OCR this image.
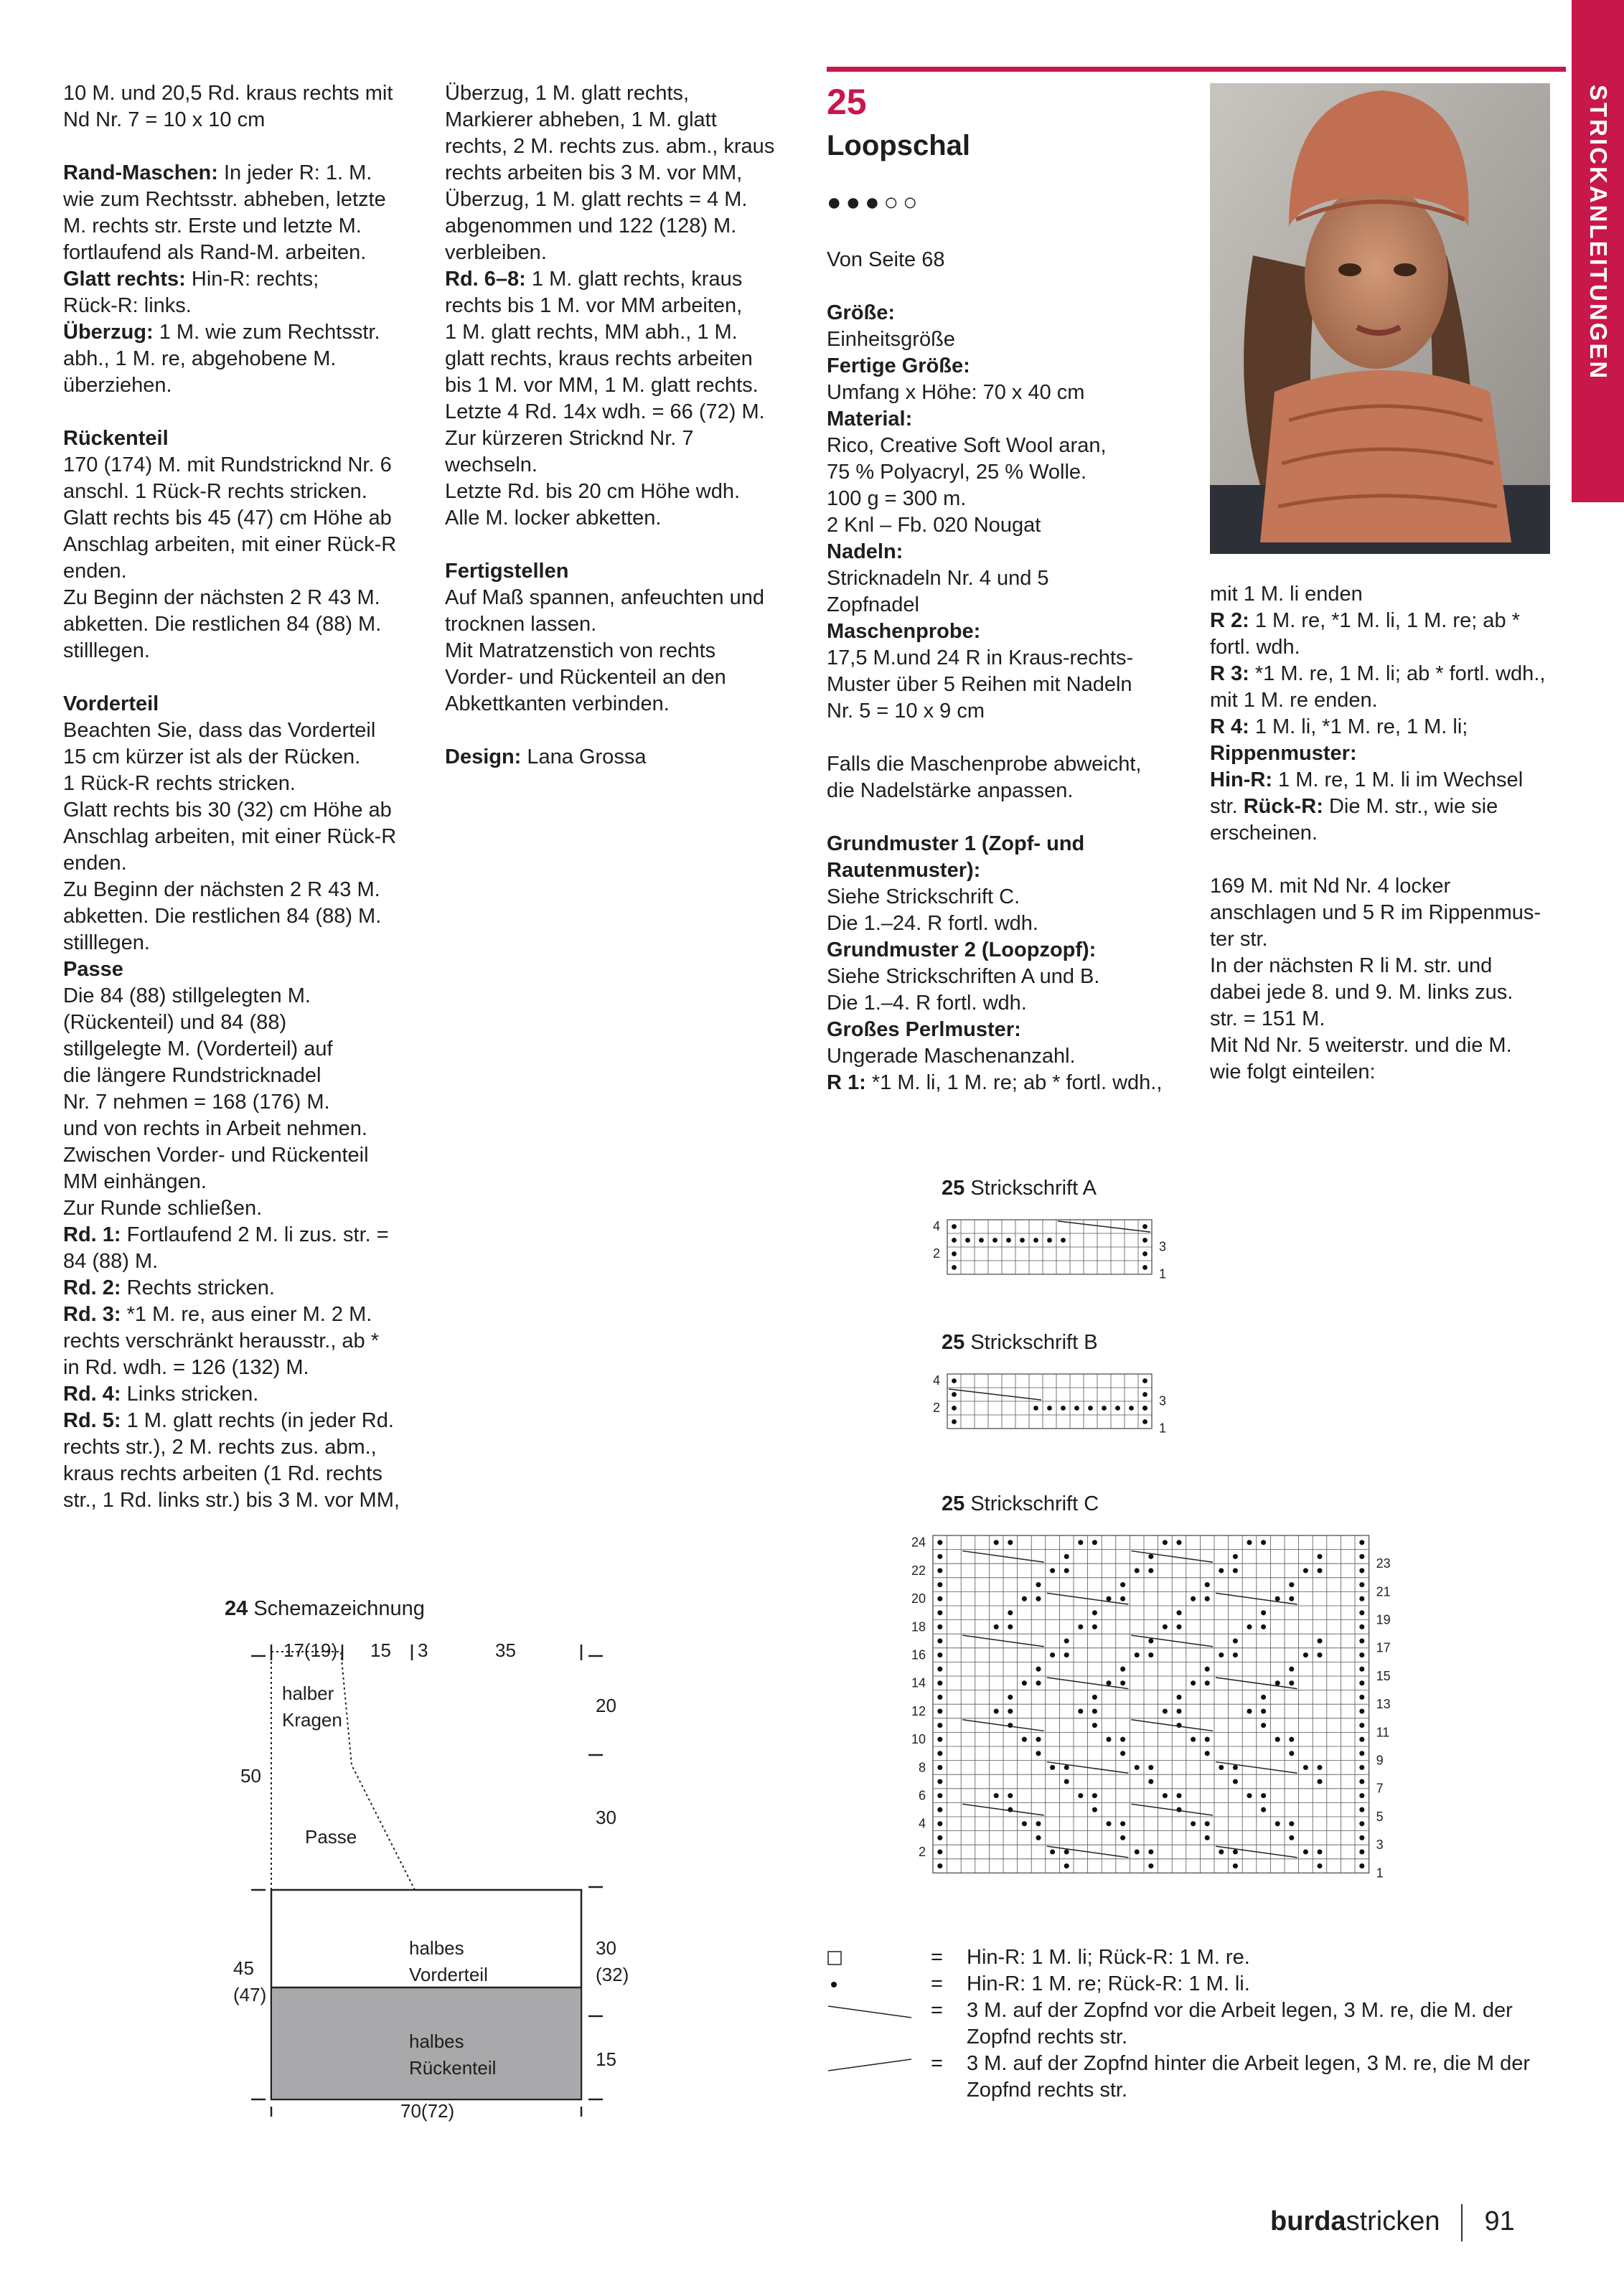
STRICKANLEITUNGEN
10 M. und 20,5 Rd. kraus rechts mit
Nd Nr. 7 = 10 x 10 cm
Rand-Maschen: In jeder R: 1. M.
wie zum Rechtsstr. abheben, letzte
M. rechts str. Erste und letzte M.
fortlaufend als Rand-M. arbeiten.
Glatt rechts: Hin-R: rechts;
Rück-R: links.
Überzug: 1 M. wie zum Rechtsstr.
abh., 1 M. re, abgehobene M.
überziehen.
Rückenteil
170 (174) M. mit Rundstricknd Nr. 6
anschl. 1 Rück-R rechts stricken.
Glatt rechts bis 45 (47) cm Höhe ab
Anschlag arbeiten, mit einer Rück-R
enden.
Zu Beginn der nächsten 2 R 43 M.
abketten. Die restlichen 84 (88) M.
stilllegen.
Vorderteil
Beachten Sie, dass das Vorderteil
15 cm kürzer ist als der Rücken.
1 Rück-R rechts stricken.
Glatt rechts bis 30 (32) cm Höhe ab
Anschlag arbeiten, mit einer Rück-R
enden.
Zu Beginn der nächsten 2 R 43 M.
abketten. Die restlichen 84 (88) M.
stilllegen.
Passe
Die 84 (88) stillgelegten M.
(Rückenteil) und 84 (88)
stillgelegte M. (Vorderteil) auf
die längere Rundstricknadel
Nr. 7 nehmen = 168 (176) M.
und von rechts in Arbeit nehmen.
Zwischen Vorder- und Rückenteil
MM einhängen.
Zur Runde schließen.
Rd. 1: Fortlaufend 2 M. li zus. str. =
84 (88) M.
Rd. 2: Rechts stricken.
Rd. 3: *1 M. re, aus einer M. 2 M.
rechts verschränkt herausstr., ab *
in Rd. wdh. = 126 (132) M.
Rd. 4: Links stricken.
Rd. 5: 1 M. glatt rechts (in jeder Rd.
rechts str.), 2 M. rechts zus. abm.,
kraus rechts arbeiten (1 Rd. rechts
str., 1 Rd. links str.) bis 3 M. vor MM,
Überzug, 1 M. glatt rechts,
Markierer abheben, 1 M. glatt
rechts, 2 M. rechts zus. abm., kraus
rechts arbeiten bis 3 M. vor MM,
Überzug, 1 M. glatt rechts = 4 M.
abgenommen und 122 (128) M.
verbleiben.
Rd. 6–8: 1 M. glatt rechts, kraus
rechts bis 1 M. vor MM arbeiten,
1 M. glatt rechts, MM abh., 1 M.
glatt rechts, kraus rechts arbeiten
bis 1 M. vor MM, 1 M. glatt rechts.
Letzte 4 Rd. 14x wdh. = 66 (72) M.
Zur kürzeren Stricknd Nr. 7
wechseln.
Letzte Rd. bis 20 cm Höhe wdh.
Alle M. locker abketten.
Fertigstellen
Auf Maß spannen, anfeuchten und
trocknen lassen.
Mit Matratzenstich von rechts
Vorder- und Rückenteil an den
Abkettkanten verbinden.
Design: Lana Grossa
25
Loopschal
●●●○○
Von Seite 68
Größe:
Einheitsgröße
Fertige Größe:
Umfang x Höhe: 70 x 40 cm
Material:
Rico, Creative Soft Wool aran,
75 % Polyacryl, 25 % Wolle.
100 g = 300 m.
2 Knl – Fb. 020 Nougat
Nadeln:
Stricknadeln Nr. 4 und 5
Zopfnadel
Maschenprobe:
17,5 M.und 24 R in Kraus-rechts-
Muster über 5 Reihen mit Nadeln
Nr. 5 = 10 x 9 cm
Falls die Maschenprobe abweicht,
die Nadelstärke anpassen.
Grundmuster 1 (Zopf- und
Rautenmuster):
Siehe Strickschrift C.
Die 1.–24. R fortl. wdh.
Grundmuster 2 (Loopzopf):
Siehe Strickschriften A und B.
Die 1.–4. R fortl. wdh.
Großes Perlmuster:
Ungerade Maschenanzahl.
R 1: *1 M. li, 1 M. re; ab * fortl. wdh.,
mit 1 M. li enden
R 2: 1 M. re, *1 M. li, 1 M. re; ab *
fortl. wdh.
R 3: *1 M. re, 1 M. li; ab * fortl. wdh.,
mit 1 M. re enden.
R 4: 1 M. li, *1 M. re, 1 M. li;
Rippenmuster:
Hin-R: 1 M. re, 1 M. li im Wechsel
str. Rück-R: Die M. str., wie sie
erscheinen.
169 M. mit Nd Nr. 4 locker
anschlagen und 5 R im Rippenmus-
ter str.
In der nächsten R li M. str. und
dabei jede 8. und 9. M. links zus.
str. = 151 M.
Mit Nd Nr. 5 weiterstr. und die M.
wie folgt einteilen:
25 Strickschrift A
25 Strickschrift B
25 Strickschrift C
4
2	3
1
4
2	3
1
24
22
20
18
16
14
12
10
8
6
4
2
23
21
19
17
15
13
11
9
7
5
3
1
24 Schemazeichnung
17(19) 15 3	35
halber
Kragen
50
Passe
20
30
halbes
Vorderteil
45
(47)
30
(32)
halbes
Rückenteil	15
70(72)
= Hin-R: 1 M. li; Rück-R: 1 M. re.
= Hin-R: 1 M. re; Rück-R: 1 M. li.
= 3 M. auf der Zopfnd vor die Arbeit legen, 3 M. re, die M. der Zopfnd rechts str.
= 3 M. auf der Zopfnd hinter die Arbeit legen, 3 M. re, die M der Zopfnd rechts str.
burdastricken 91
